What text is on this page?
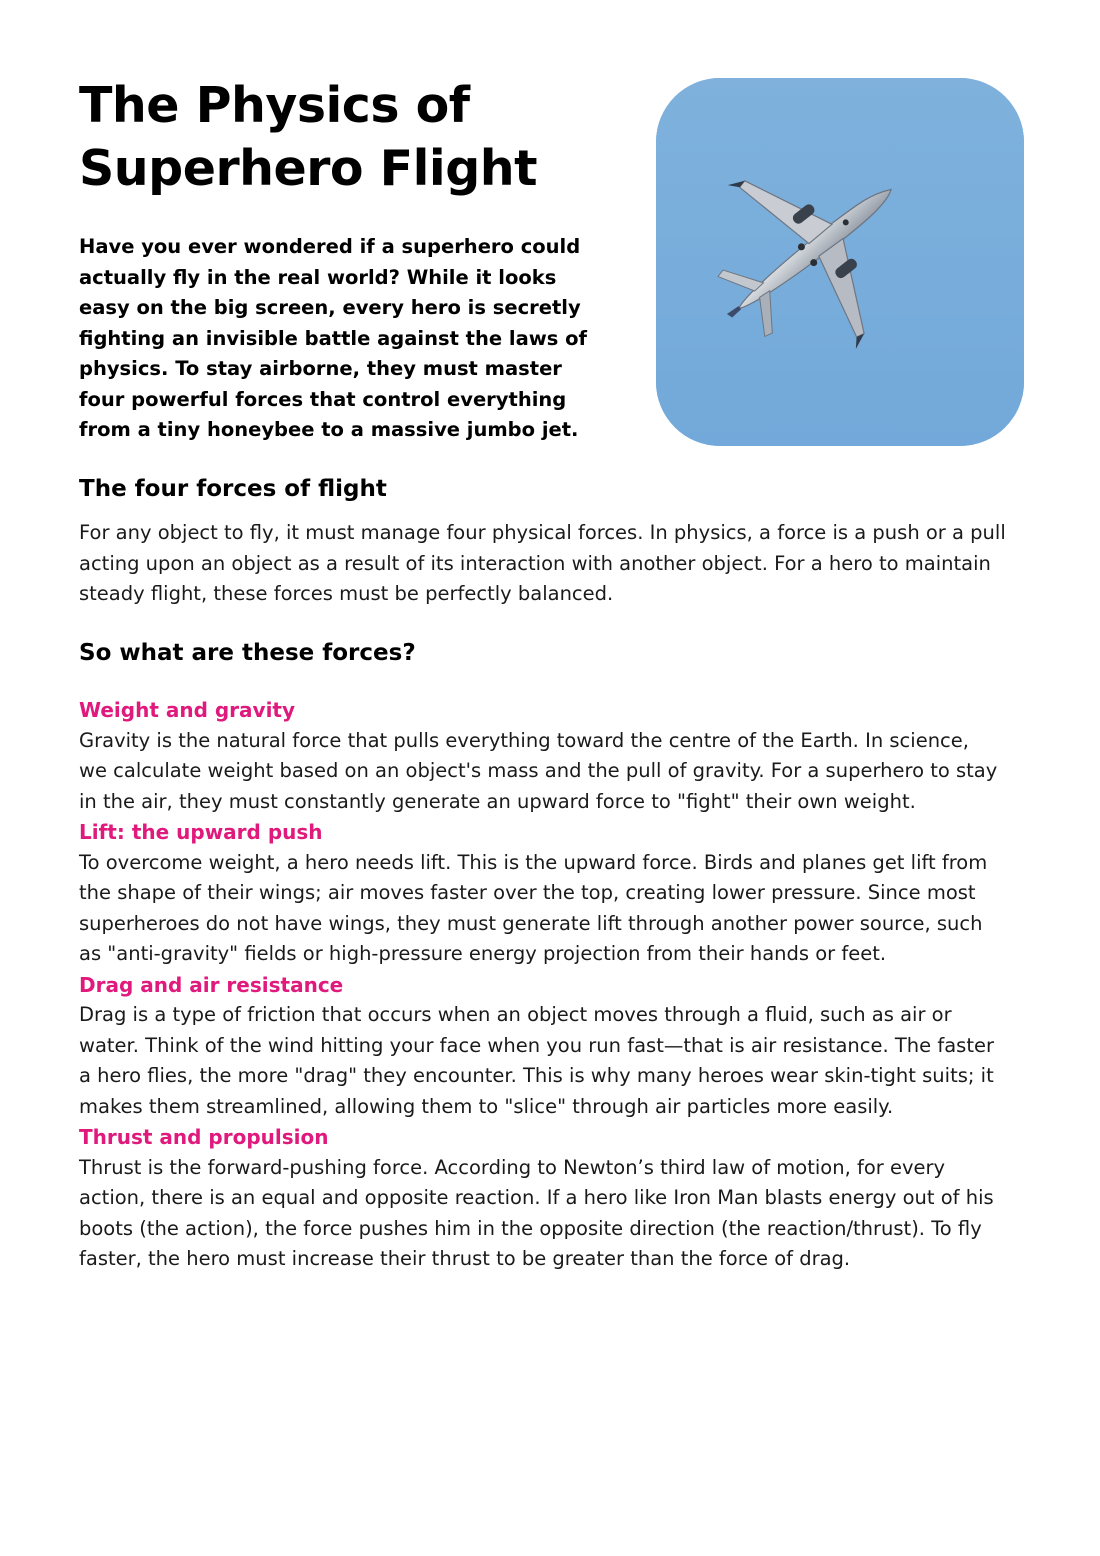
The Physics of Superhero Flight

Have you ever wondered if a superhero could actually fly in the real world? While it looks easy on the big screen, every hero is secretly fighting an invisible battle against the laws of physics. To stay airborne, they must master four powerful forces that control everything from a tiny honeybee to a massive jumbo jet.

The four forces of flight

For any object to fly, it must manage four physical forces. In physics, a force is a push or a pull acting upon an object as a result of its interaction with another object. For a hero to maintain steady flight, these forces must be perfectly balanced.

So what are these forces?

Weight and gravity

Gravity is the natural force that pulls everything toward the centre of the Earth. In science, we calculate weight based on an object's mass and the pull of gravity. For a superhero to stay in the air, they must constantly generate an upward force to "fight" their own weight.

Lift: the upward push

To overcome weight, a hero needs lift. This is the upward force. Birds and planes get lift from the shape of their wings; air moves faster over the top, creating lower pressure. Since most superheroes do not have wings, they must generate lift through another power source, such as "anti-gravity" fields or high-pressure energy projection from their hands or feet.

Drag and air resistance

Drag is a type of friction that occurs when an object moves through a fluid, such as air or water. Think of the wind hitting your face when you run fast—that is air resistance. The faster a hero flies, the more "drag" they encounter. This is why many heroes wear skin-tight suits; it makes them streamlined, allowing them to "slice" through air particles more easily.

Thrust and propulsion

Thrust is the forward-pushing force. According to Newton’s third law of motion, for every action, there is an equal and opposite reaction. If a hero like Iron Man blasts energy out of his boots (the action), the force pushes him in the opposite direction (the reaction/thrust). To fly faster, the hero must increase their thrust to be greater than the force of drag.
